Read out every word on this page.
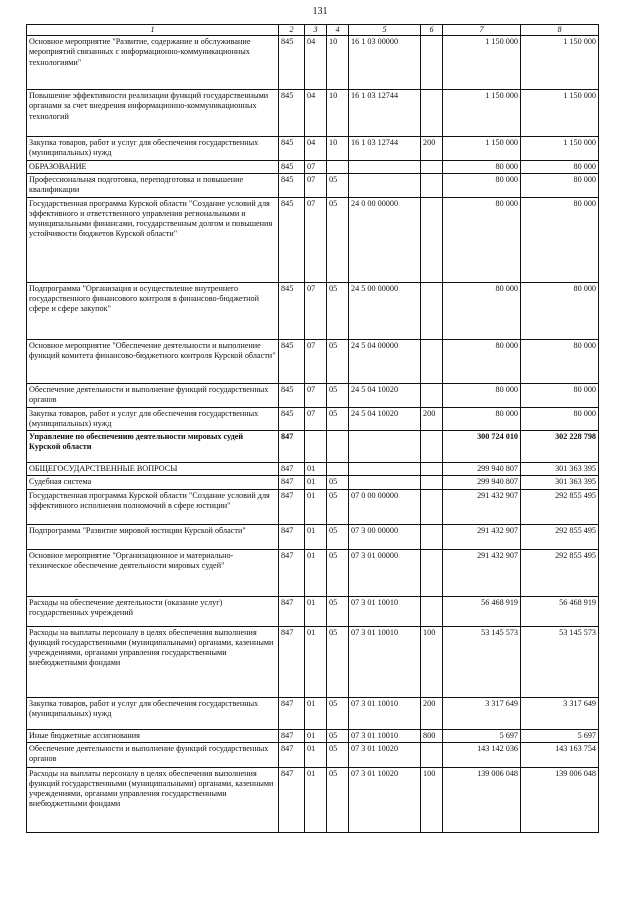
131
1	2	3	4	5	6	7	8
Основное мероприятие "Развитие, содержание и обслуживание мероприятий связанных с информационно-коммуникационных технологиями"	845	04	10	16 1 03 00000		1 150 000	1 150 000
Повышение эффективности реализации функций государственными органами за счет внедрения информационно-коммуникационных технологий	845	04	10	16 1 03 12744		1 150 000	1 150 000
Закупка товаров, работ и услуг для обеспечения государственных (муниципальных) нужд	845	04	10	16 1 03 12744	200	1 150 000	1 150 000
ОБРАЗОВАНИЕ	845	07				80 000	80 000
Профессиональная подготовка, переподготовка и повышение квалификации	845	07	05			80 000	80 000
Государственная программа Курской области "Создание условий для эффективного и ответственного управления региональными и муниципальными финансами, государственным долгом и повышения устойчивости бюджетов Курской области"	845	07	05	24 0 00 00000		80 000	80 000
Подпрограмма "Организация и осуществление внутреннего государственного финансового контроля в финансово-бюджетной сфере и сфере закупок"	845	07	05	24 5 00 00000		80 000	80 000
Основное мероприятие "Обеспечение деятельности и выполнение функций комитета финансово-бюджетного контроля Курской области"	845	07	05	24 5 04 00000		80 000	80 000
Обеспечение деятельности и выполнение функций государственных органов	845	07	05	24 5 04 10020		80 000	80 000
Закупка товаров, работ и услуг для обеспечения государственных (муниципальных) нужд	845	07	05	24 5 04 10020	200	80 000	80 000
Управление по обеспечению деятельности мировых судей Курской области	847					300 724 010	302 228 798
ОБЩЕГОСУДАРСТВЕННЫЕ ВОПРОСЫ	847	01				299 940 807	301 363 395
Судебная система	847	01	05			299 940 807	301 363 395
Государственная программа Курской области "Создание условий для эффективного исполнения полномочий в сфере юстиции"	847	01	05	07 0 00 00000		291 432 907	292 855 495
Подпрограмма "Развитие мировой юстиции Курской области"	847	01	05	07 3 00 00000		291 432 907	292 855 495
Основное мероприятие "Организационное и материально-техническое обеспечение деятельности мировых судей"	847	01	05	07 3 01 00000		291 432 907	292 855 495
Расходы на обеспечение деятельности (оказание услуг) государственных учреждений	847	01	05	07 3 01 10010		56 468 919	56 468 919
Расходы на выплаты персоналу в целях обеспечения выполнения функций государственными (муниципальными) органами, казенными учреждениями, органами управления государственными внебюджетными фондами	847	01	05	07 3 01 10010	100	53 145 573	53 145 573
Закупка товаров, работ и услуг для обеспечения государственных (муниципальных) нужд	847	01	05	07 3 01 10010	200	3 317 649	3 317 649
Иные бюджетные ассигнования	847	01	05	07 3 01 10010	800	5 697	5 697
Обеспечение деятельности и выполнение функций государственных органов	847	01	05	07 3 01 10020		143 142 036	143 163 754
Расходы на выплаты персоналу в целях обеспечения выполнения функций государственными (муниципальными) органами, казенными учреждениями, органами управления государственными внебюджетными фондами	847	01	05	07 3 01 10020	100	139 006 048	139 006 048
